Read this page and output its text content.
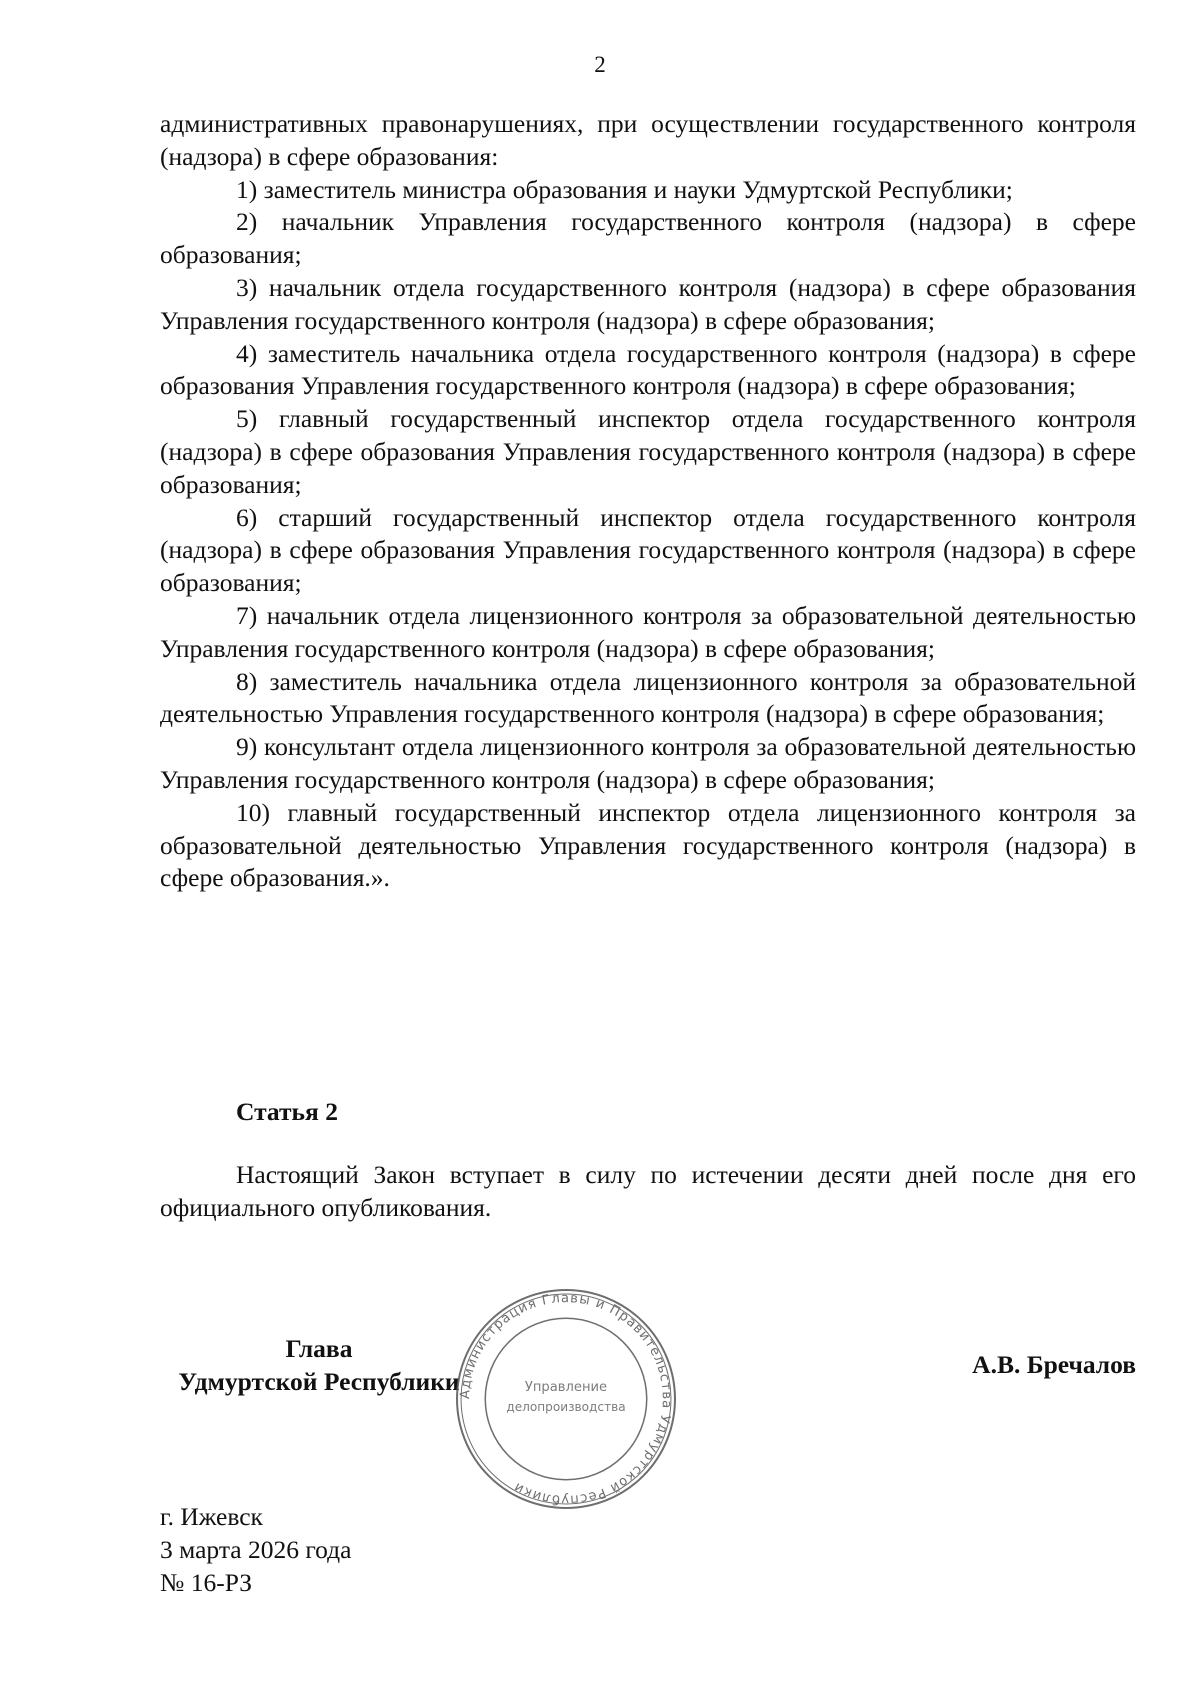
2

административных правонарушениях, при осуществлении государственного контроля (надзора) в сфере образования:

1) заместитель министра образования и науки Удмуртской Республики;

2) начальник Управления государственного контроля (надзора) в сфере образования;

3) начальник отдела государственного контроля (надзора) в сфере образования Управления государственного контроля (надзора) в сфере образования;

4) заместитель начальника отдела государственного контроля (надзора) в сфере образования Управления государственного контроля (надзора) в сфере образования;

5) главный государственный инспектор отдела государственного контроля (надзора) в сфере образования Управления государственного контроля (надзора) в сфере образования;

6) старший государственный инспектор отдела государственного контроля (надзора) в сфере образования Управления государственного контроля (надзора) в сфере образования;

7) начальник отдела лицензионного контроля за образовательной деятельностью Управления государственного контроля (надзора) в сфере образования;

8) заместитель начальника отдела лицензионного контроля за образовательной деятельностью Управления государственного контроля (надзора) в сфере образования;

9) консультант отдела лицензионного контроля за образовательной деятельностью Управления государственного контроля (надзора) в сфере образования;

10) главный государственный инспектор отдела лицензионного контроля за образовательной деятельностью Управления государственного контроля (надзора) в сфере образования.».

Статья 2

Настоящий Закон вступает в силу по истечении десяти дней после дня его официального опубликования.

Глава
Удмуртской Республики
Администрация Главы и Правительства Удмуртской Республики
Управление
делопроизводства
А.В. Бречалов
г. Ижевск
3 марта 2026 года
№ 16-РЗ
